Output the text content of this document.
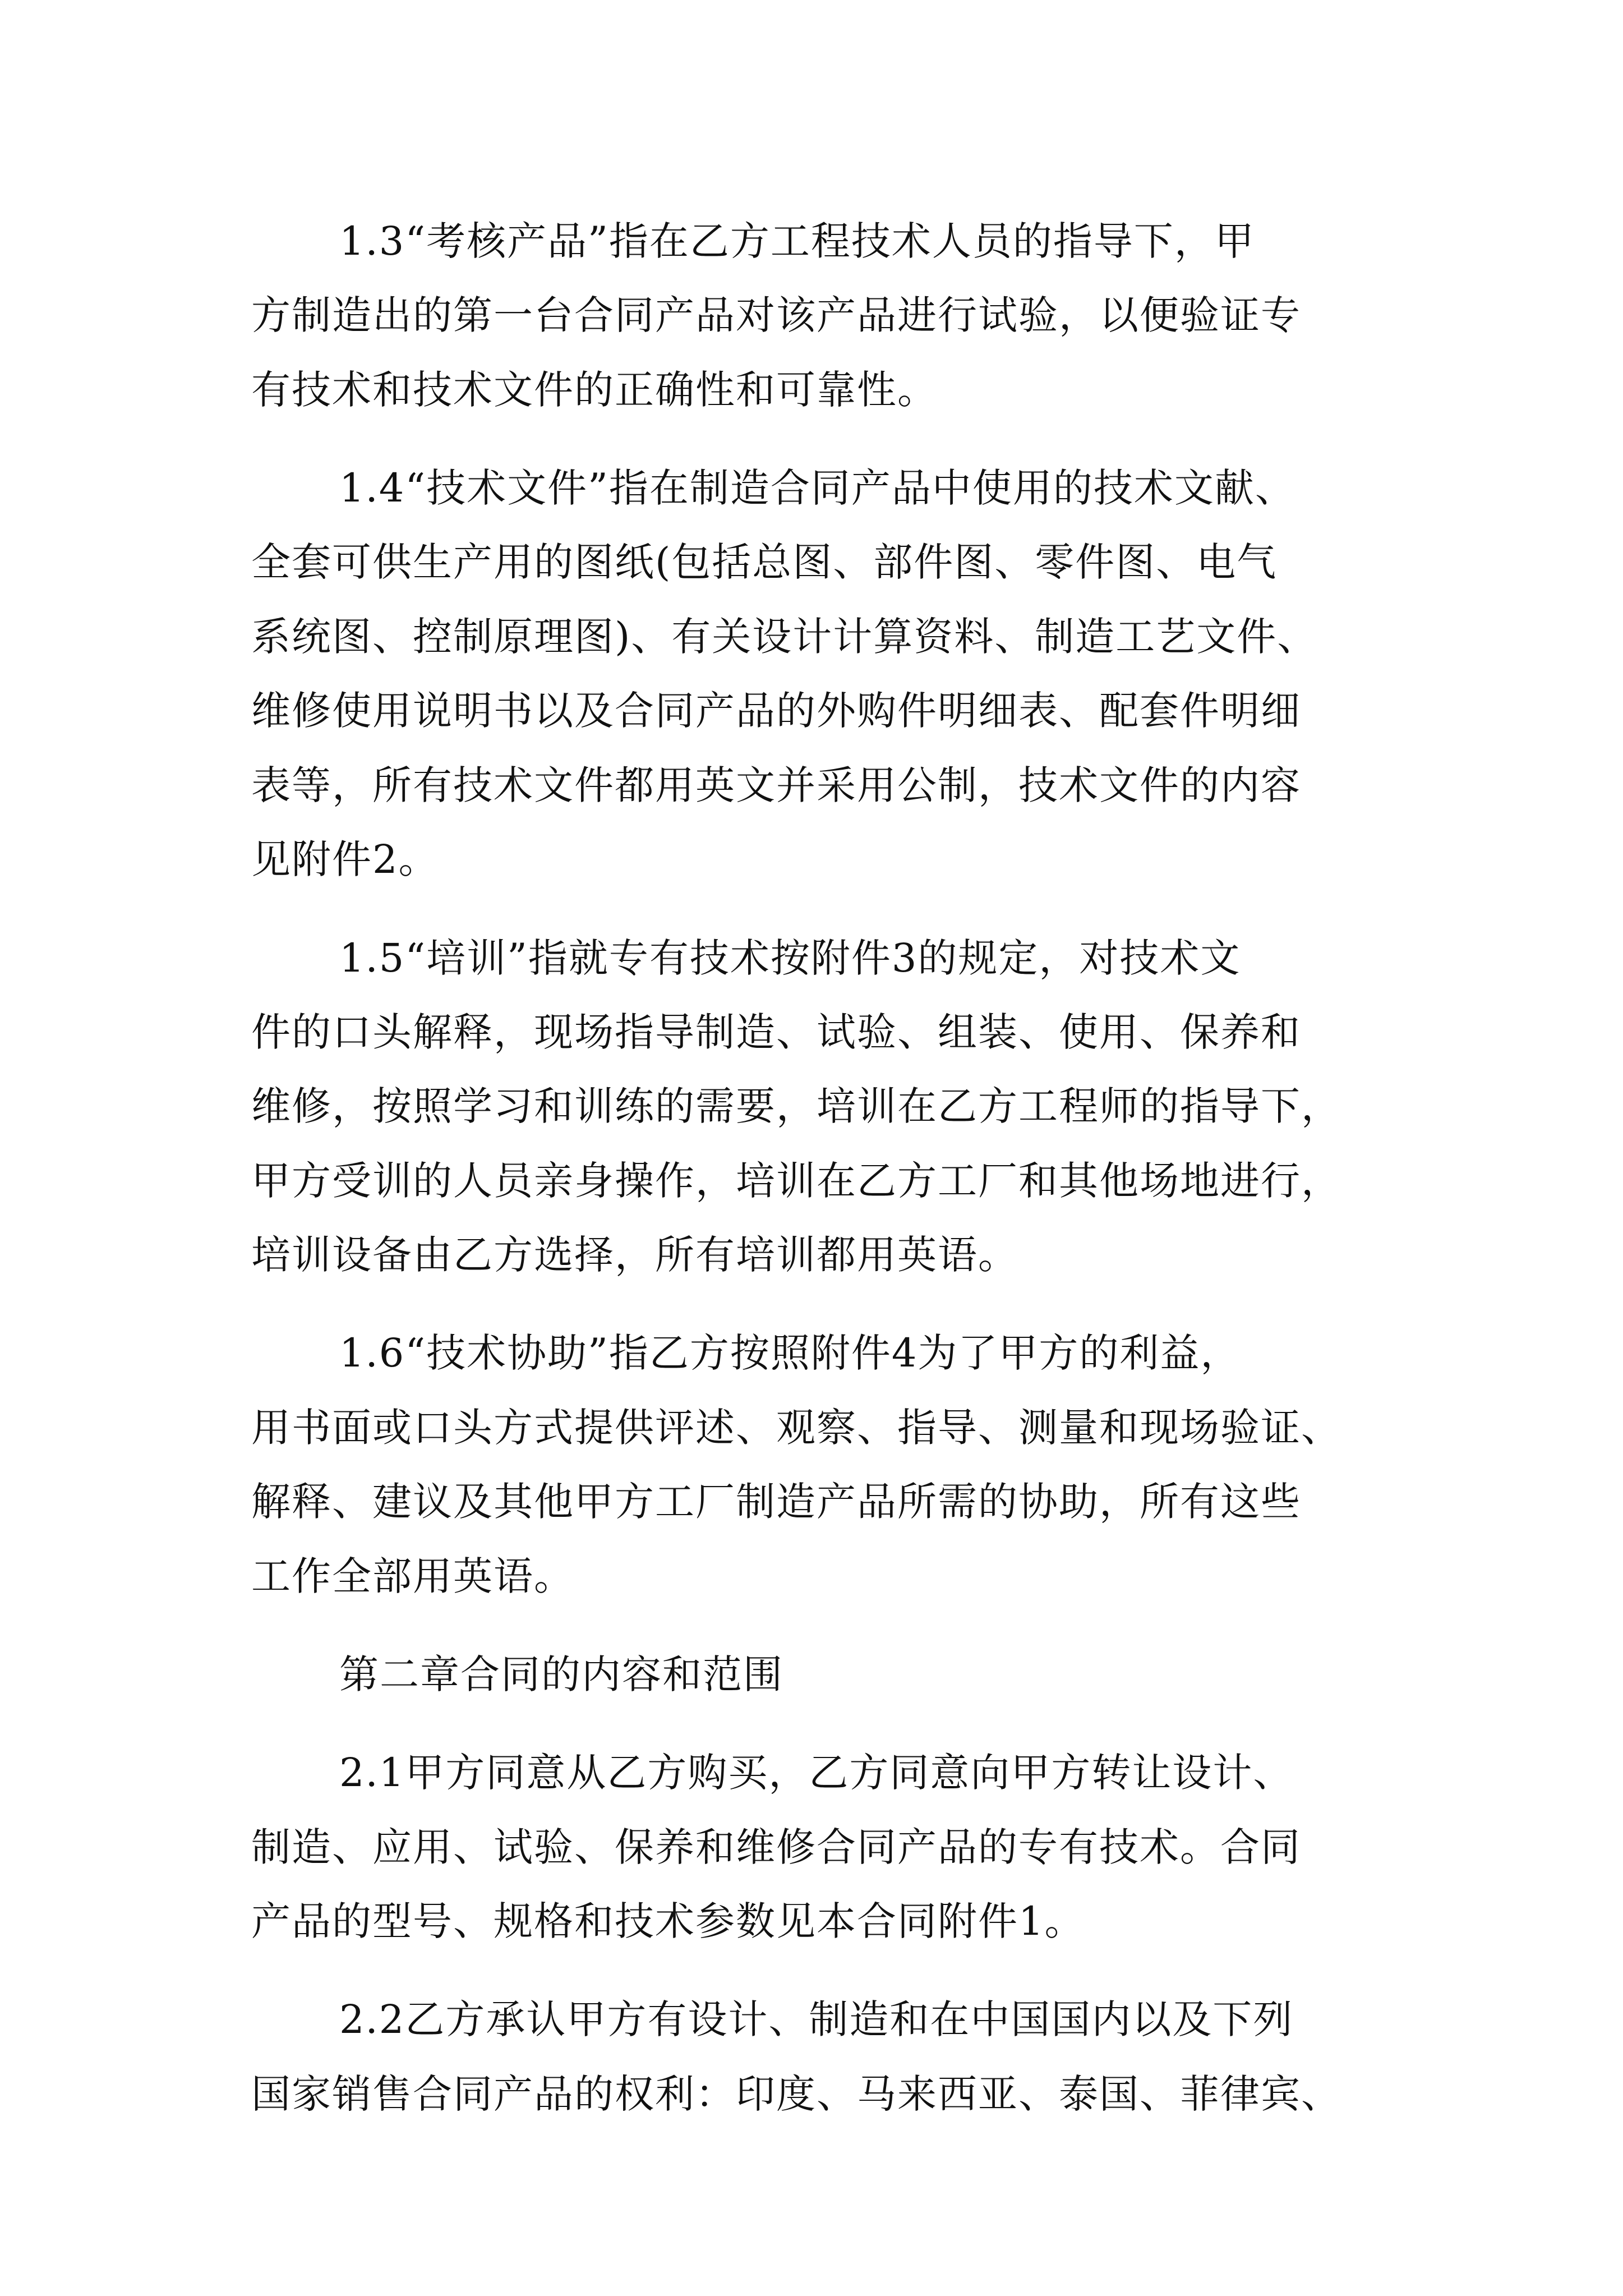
1.3“考核产品”指在乙方工程技术人员的指导下，甲
方制造出的第一台合同产品对该产品进行试验，以便验证专
有技术和技术文件的正确性和可靠性。
1.4“技术文件”指在制造合同产品中使用的技术文献、
全套可供生产用的图纸(包括总图、部件图、零件图、电气
系统图、控制原理图)、有关设计计算资料、制造工艺文件、
维修使用说明书以及合同产品的外购件明细表、配套件明细
表等，所有技术文件都用英文并采用公制，技术文件的内容
见附件2。
1.5“培训”指就专有技术按附件3的规定，对技术文
件的口头解释，现场指导制造、试验、组装、使用、保养和
维修，按照学习和训练的需要，培训在乙方工程师的指导下，
甲方受训的人员亲身操作，培训在乙方工厂和其他场地进行，
培训设备由乙方选择，所有培训都用英语。
1.6“技术协助”指乙方按照附件4为了甲方的利益，
用书面或口头方式提供评述、观察、指导、测量和现场验证、
解释、建议及其他甲方工厂制造产品所需的协助，所有这些
工作全部用英语。
第二章合同的内容和范围
2.1甲方同意从乙方购买，乙方同意向甲方转让设计、
制造、应用、试验、保养和维修合同产品的专有技术。合同
产品的型号、规格和技术参数见本合同附件1。
2.2乙方承认甲方有设计、制造和在中国国内以及下列
国家销售合同产品的权利：印度、马来西亚、泰国、菲律宾、
